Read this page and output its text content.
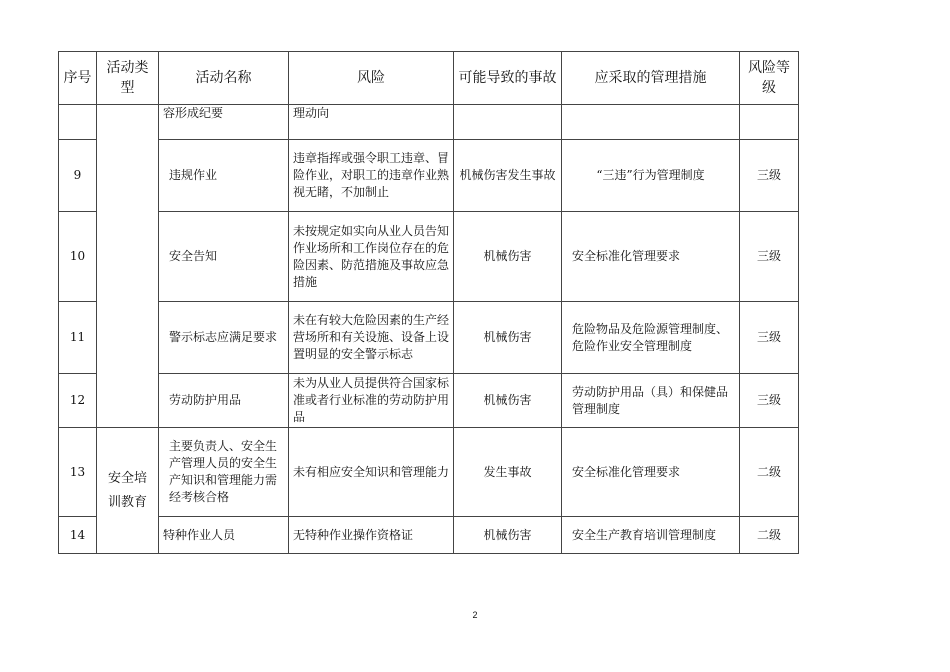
序号	活动类型	活动名称	风险	可能导致的事故	应采取的管理措施	风险等级
		容形成纪要	理动向			
9		违规作业	违章指挥或强令职工违章、冒险作业，对职工的违章作业熟视无睹，不加制止	机械伤害发生事故	“三违”行为管理制度	三级
10		安全告知	未按规定如实向从业人员告知作业场所和工作岗位存在的危险因素、防范措施及事故应急措施	机械伤害	安全标准化管理要求	三级
11		警示标志应满足要求	未在有较大危险因素的生产经营场所和有关设施、设备上设置明显的安全警示标志	机械伤害	危险物品及危险源管理制度、危险作业安全管理制度	三级
12		劳动防护用品	未为从业人员提供符合国家标准或者行业标准的劳动防护用品	机械伤害	劳动防护用品（具）和保健品管理制度	三级
13	安全培训教育	主要负责人、安全生产管理人员的安全生产知识和管理能力需经考核合格	未有相应安全知识和管理能力	发生事故	安全标准化管理要求	二级
14		特种作业人员	无特种作业操作资格证	机械伤害	安全生产教育培训管理制度	二级
2
